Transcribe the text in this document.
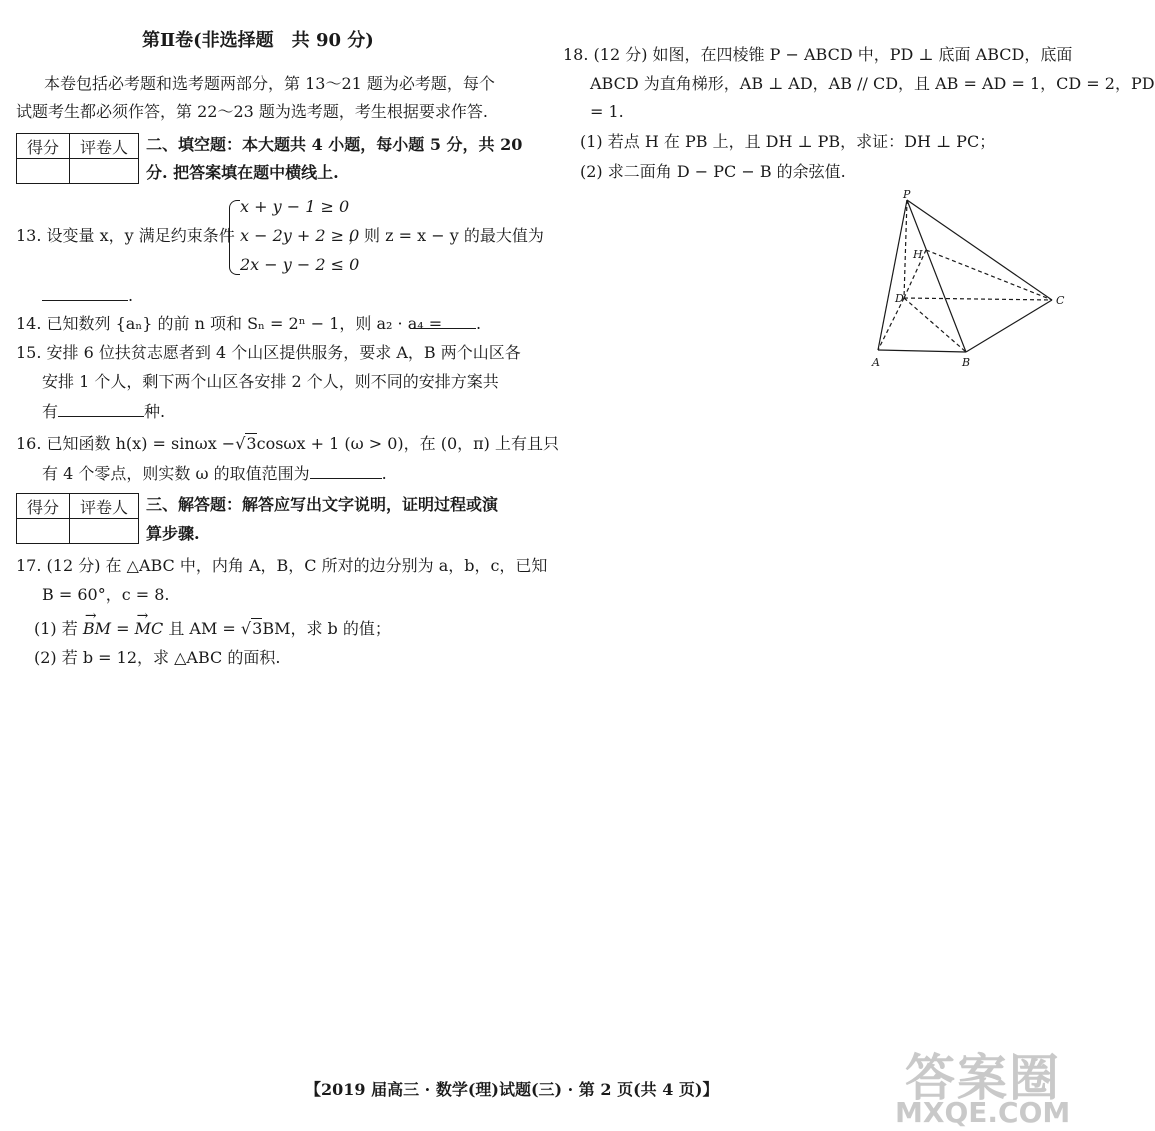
第Ⅱ卷(非选择题　共 90 分)
本卷包括必考题和选考题两部分，第 13～21 题为必考题，每个
试题考生都必须作答，第 22～23 题为选考题，考生根据要求作答.
得分	评卷人
	二、填空题：本大题共 4 小题，每小题 5 分，共 20
分. 把答案填在题中横线上.
13. 设变量 x，y 满足约束条件
x + y − 1 ≥ 0
x − 2y + 2 ≥ 0
2x − y − 2 ≤ 0
，则 z = x − y 的最大值为
.
14. 已知数列 {aₙ} 的前 n 项和 Sₙ = 2ⁿ − 1，则 a₂ · a₄ =	.
15. 安排 6 位扶贫志愿者到 4 个山区提供服务，要求 A，B 两个山区各
安排 1 个人，剩下两个山区各安排 2 个人，则不同的安排方案共
有	种.
16. 已知函数 h(x) = sinωx −√3cosωx + 1 (ω > 0)，在 (0，π) 上有且只
有 4 个零点，则实数 ω 的取值范围为	.
得分	评卷人
	三、解答题：解答应写出文字说明，证明过程或演
算步骤.
17. (12 分) 在 △ABC 中，内角 A，B，C 所对的边分别为 a，b，c，已知
B = 60°，c = 8.
(1) 若 → BM = → MC 且 AM = √3BM，求 b 的值；
(2) 若 b = 12，求 △ABC 的面积.
18. (12 分) 如图，在四棱锥 P − ABCD 中，PD ⊥ 底面 ABCD，底面
ABCD 为直角梯形，AB ⊥ AD，AB // CD，且 AB = AD = 1，CD = 2，PD
= 1.
(1) 若点 H 在 PB 上，且 DH ⊥ PB，求证：DH ⊥ PC；
(2) 求二面角 D − PC − B 的余弦值.
P
H
D	C
A	B
【2019 届高三 · 数学(理)试题(三) · 第 2 页(共 4 页)】	答案圈
MXQE.COM
